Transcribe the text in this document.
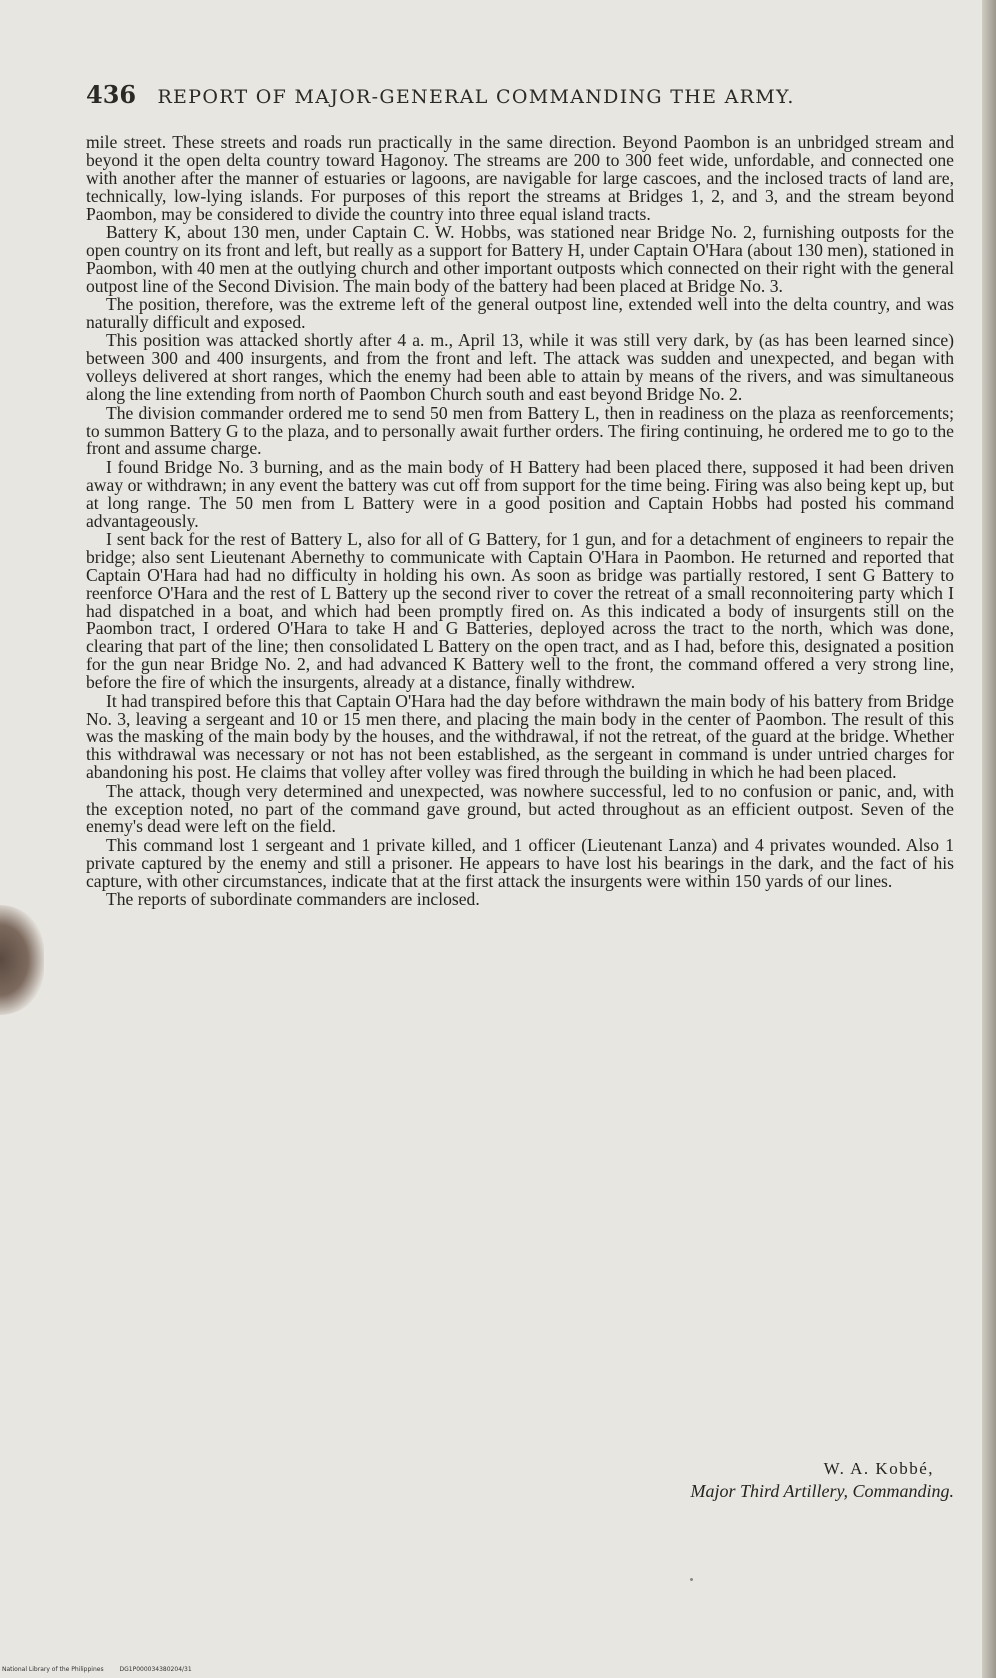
436 REPORT OF MAJOR-GENERAL COMMANDING THE ARMY.

mile street. These streets and roads run practically in the same direction. Beyond Paombon is an unbridged stream and beyond it the open delta country toward Hagonoy. The streams are 200 to 300 feet wide, unfordable, and connected one with another after the manner of estuaries or lagoons, are navigable for large cascoes, and the inclosed tracts of land are, technically, low-lying islands. For purposes of this report the streams at Bridges 1, 2, and 3, and the stream beyond Paombon, may be considered to divide the country into three equal island tracts.

Battery K, about 130 men, under Captain C. W. Hobbs, was stationed near Bridge No. 2, furnishing outposts for the open country on its front and left, but really as a support for Battery H, under Captain O'Hara (about 130 men), stationed in Paombon, with 40 men at the outlying church and other important outposts which connected on their right with the general outpost line of the Second Division. The main body of the battery had been placed at Bridge No. 3.

The position, therefore, was the extreme left of the general outpost line, extended well into the delta country, and was naturally difficult and exposed.

This position was attacked shortly after 4 a. m., April 13, while it was still very dark, by (as has been learned since) between 300 and 400 insurgents, and from the front and left. The attack was sudden and unexpected, and began with volleys delivered at short ranges, which the enemy had been able to attain by means of the rivers, and was simultaneous along the line extending from north of Paombon Church south and east beyond Bridge No. 2.

The division commander ordered me to send 50 men from Battery L, then in readiness on the plaza as reenforcements; to summon Battery G to the plaza, and to personally await further orders. The firing continuing, he ordered me to go to the front and assume charge.

I found Bridge No. 3 burning, and as the main body of H Battery had been placed there, supposed it had been driven away or withdrawn; in any event the battery was cut off from support for the time being. Firing was also being kept up, but at long range. The 50 men from L Battery were in a good position and Captain Hobbs had posted his command advantageously.

I sent back for the rest of Battery L, also for all of G Battery, for 1 gun, and for a detachment of engineers to repair the bridge; also sent Lieutenant Abernethy to communicate with Captain O'Hara in Paombon. He returned and reported that Captain O'Hara had had no difficulty in holding his own. As soon as bridge was partially restored, I sent G Battery to reenforce O'Hara and the rest of L Battery up the second river to cover the retreat of a small reconnoitering party which I had dispatched in a boat, and which had been promptly fired on. As this indicated a body of insurgents still on the Paombon tract, I ordered O'Hara to take H and G Batteries, deployed across the tract to the north, which was done, clearing that part of the line; then consolidated L Battery on the open tract, and as I had, before this, designated a position for the gun near Bridge No. 2, and had advanced K Battery well to the front, the command offered a very strong line, before the fire of which the insurgents, already at a distance, finally withdrew.

It had transpired before this that Captain O'Hara had the day before withdrawn the main body of his battery from Bridge No. 3, leaving a sergeant and 10 or 15 men there, and placing the main body in the center of Paombon. The result of this was the masking of the main body by the houses, and the withdrawal, if not the retreat, of the guard at the bridge. Whether this withdrawal was necessary or not has not been established, as the sergeant in command is under untried charges for abandoning his post. He claims that volley after volley was fired through the building in which he had been placed.

The attack, though very determined and unexpected, was nowhere successful, led to no confusion or panic, and, with the exception noted, no part of the command gave ground, but acted throughout as an efficient outpost. Seven of the enemy's dead were left on the field.

This command lost 1 sergeant and 1 private killed, and 1 officer (Lieutenant Lanza) and 4 privates wounded. Also 1 private captured by the enemy and still a prisoner. He appears to have lost his bearings in the dark, and the fact of his capture, with other circumstances, indicate that at the first attack the insurgents were within 150 yards of our lines.

The reports of subordinate commanders are inclosed.

W. A. Kobbé,
Major Third Artillery, Commanding.
National Library of the Philippines	DG1P000034380204/31
